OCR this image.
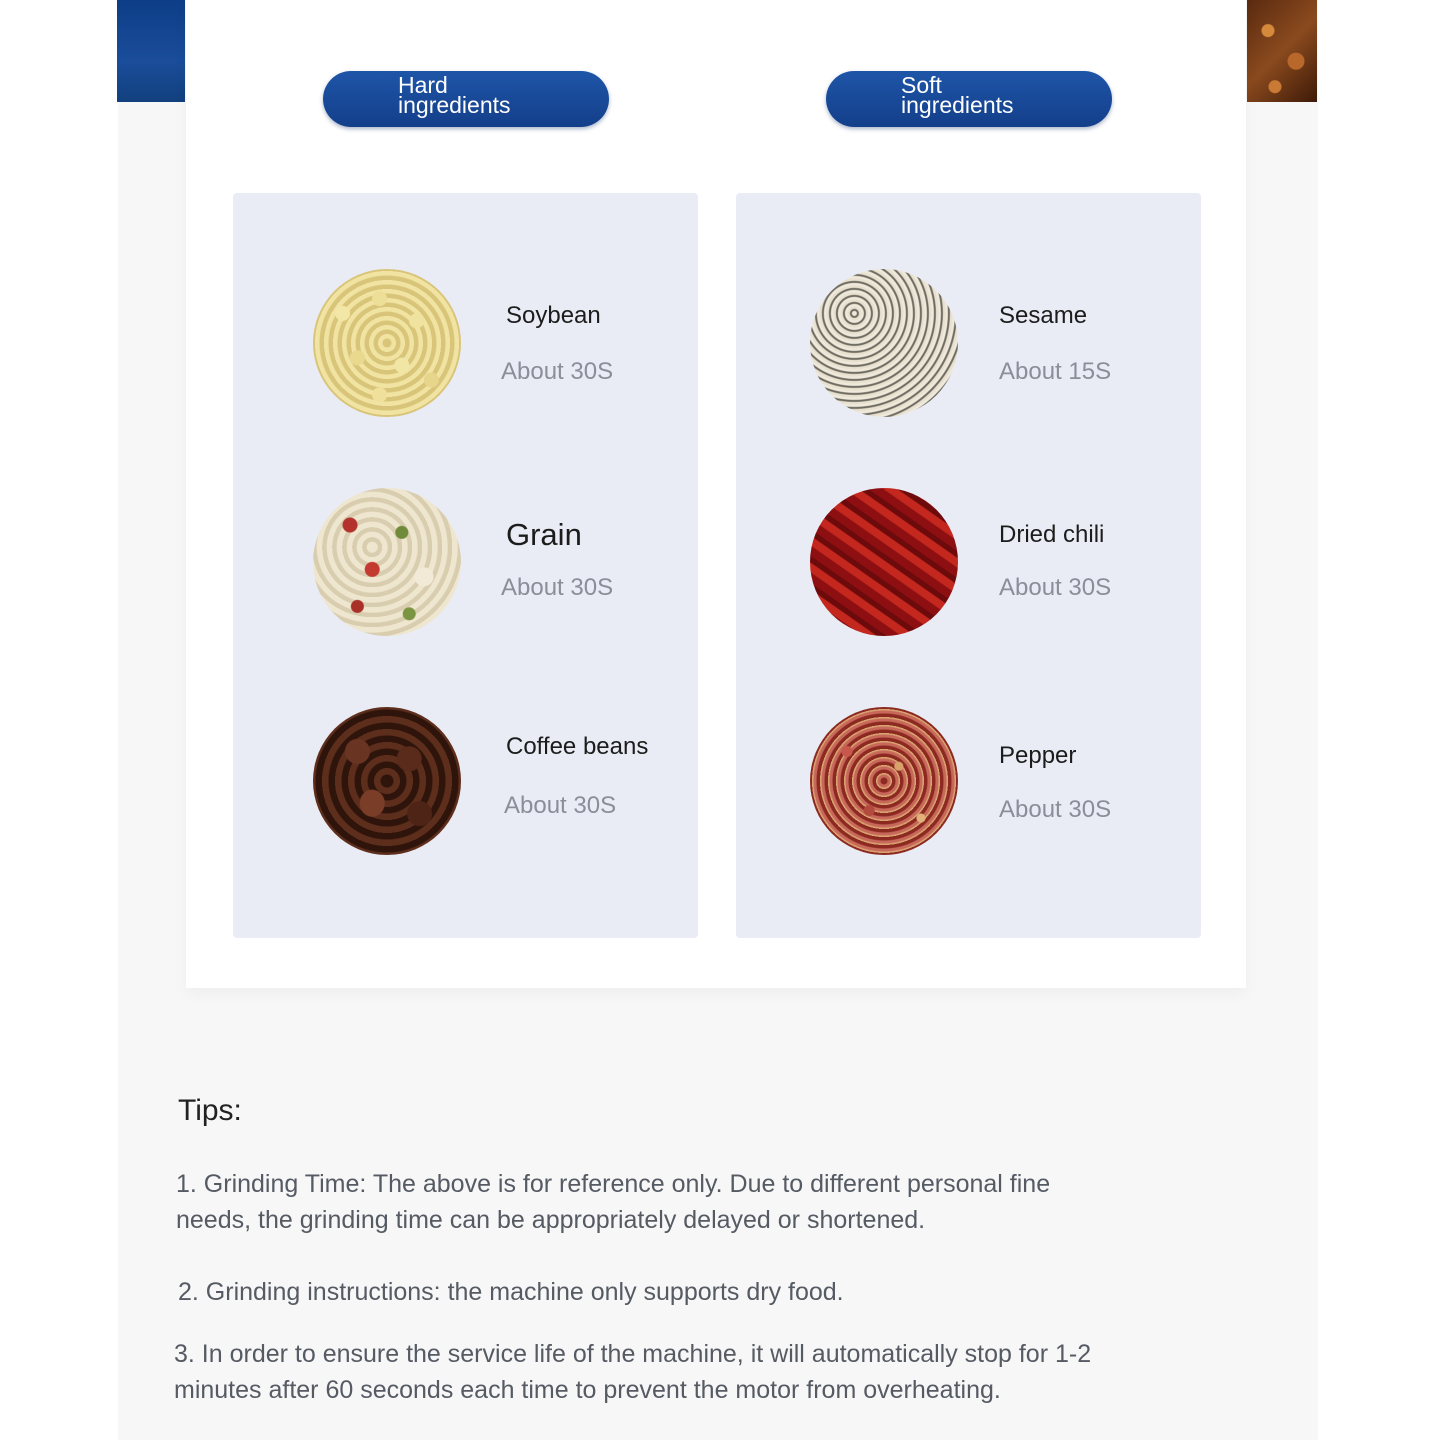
Hard
ingredients
Soft
ingredients
Soybean
About 30S
Grain
About 30S
Coffee beans
About 30S
Sesame
About 15S
Dried chili
About 30S
Pepper
About 30S
Tips:
1. Grinding Time: The above is for reference only. Due to different personal fine
needs, the grinding time can be appropriately delayed or shortened.
2. Grinding instructions: the machine only supports dry food.
3. In order to ensure the service life of the machine, it will automatically stop for 1-2
minutes after 60 seconds each time to prevent the motor from overheating.
